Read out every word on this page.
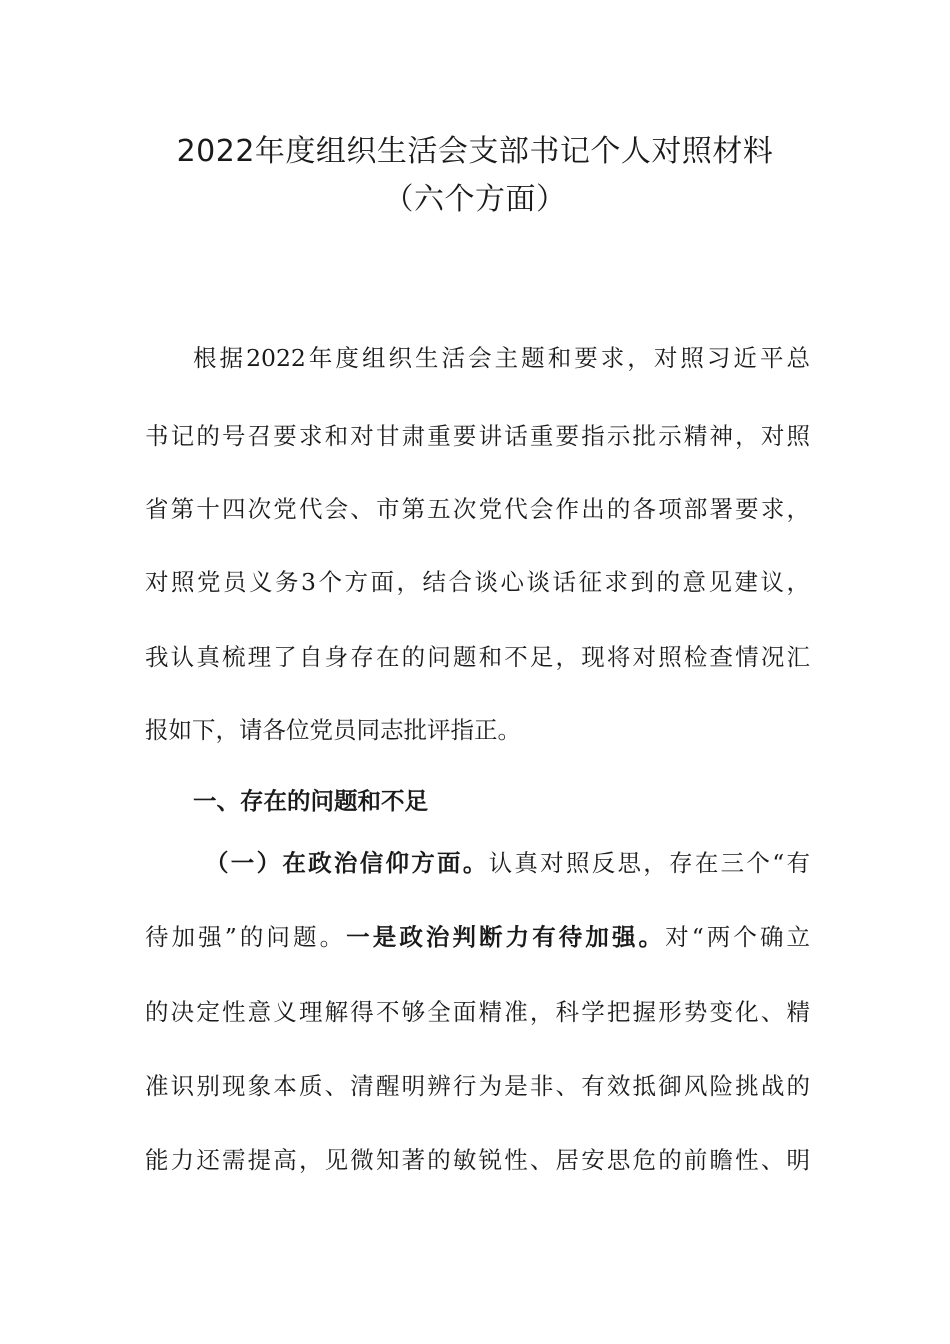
2022年度组织生活会支部书记个人对照材料
（六个方面）
根据2022年度组织生活会主题和要求，对照习近平总
书记的号召要求和对甘肃重要讲话重要指示批示精神，对照
省第十四次党代会、市第五次党代会作出的各项部署要求，
对照党员义务3个方面，结合谈心谈话征求到的意见建议，
我认真梳理了自身存在的问题和不足，现将对照检查情况汇
报如下，请各位党员同志批评指正。
一、存在的问题和不足
（一）在政治信仰方面。认真对照反思，存在三个“有
待加强”的问题。一是政治判断力有待加强。对“两个确立
的决定性意义理解得不够全面精准，科学把握形势变化、精
准识别现象本质、清醒明辨行为是非、有效抵御风险挑战的
能力还需提高，见微知著的敏锐性、居安思危的前瞻性、明
